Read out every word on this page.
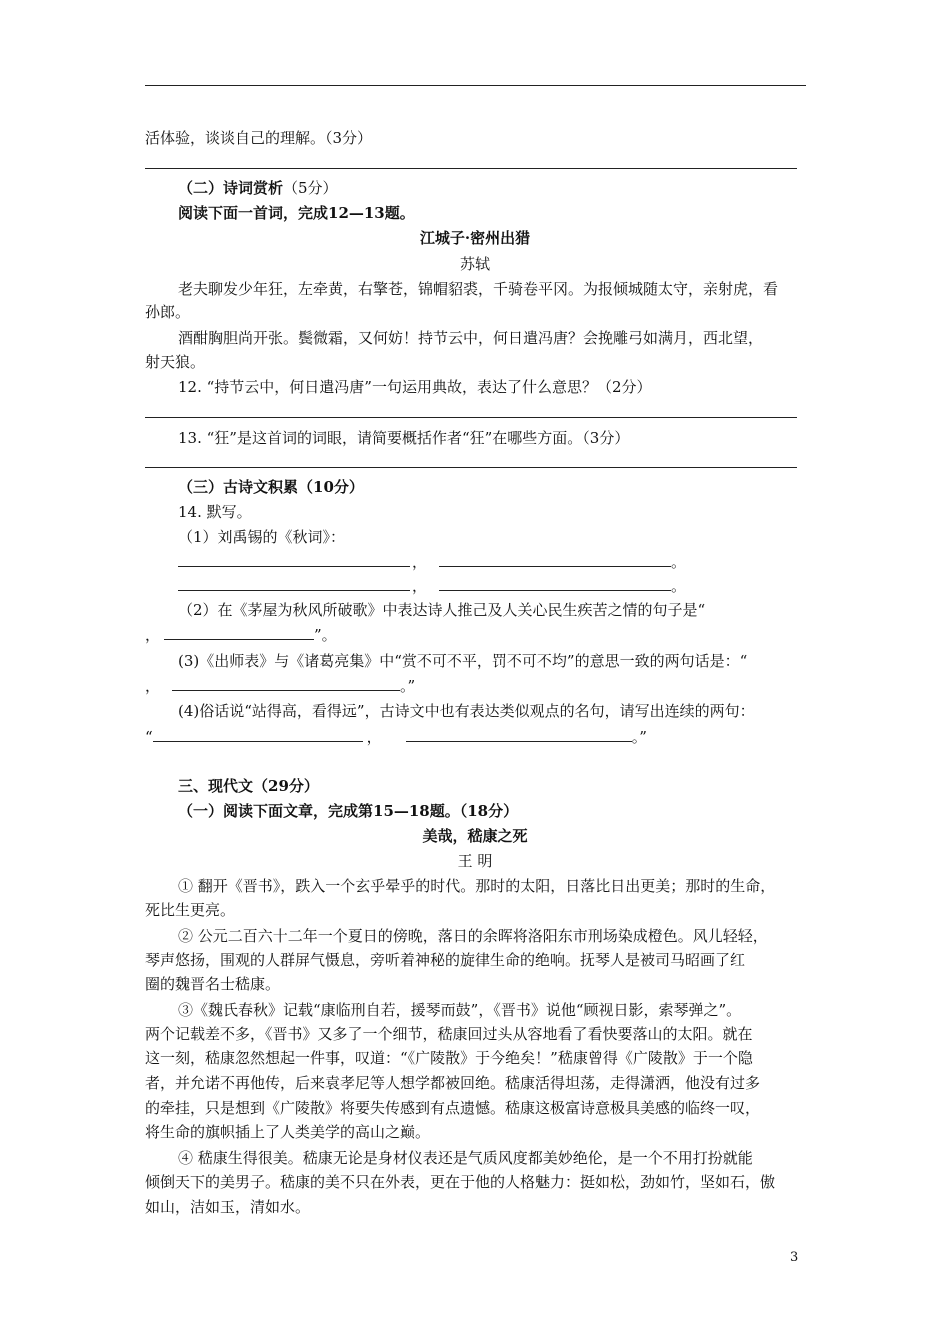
活体验，谈谈自己的理解。（3分）
（二）诗词赏析（5分）
阅读下面一首词，完成12—13题。
江城子·密州出猎
苏轼
老夫聊发少年狂，左牵黄，右擎苍，锦帽貂裘，千骑卷平冈。为报倾城随太守，亲射虎，看
孙郎。
酒酣胸胆尚开张。鬓微霜，又何妨！持节云中，何日遣冯唐？会挽雕弓如满月，西北望，
射天狼。
12. “持节云中，何日遣冯唐”一句运用典故，表达了什么意思？（2分）
13. “狂”是这首词的词眼，请简要概括作者“狂”在哪些方面。（3分）
（三）古诗文积累（10分）
14. 默写。
（1）刘禹锡的《秋词》：
，	。
，	。
（2）在《茅屋为秋风所破歌》中表达诗人推己及人关心民生疾苦之情的句子是“
，	”。
(3)《出师表》与《诸葛亮集》中“赏不可不平，罚不可不均”的意思一致的两句话是：“
，	。”
(4)俗话说“站得高，看得远”，古诗文中也有表达类似观点的名句，请写出连续的两句：
“	，	。”
三、现代文（29分）
（一）阅读下面文章，完成第15—18题。（18分）
美哉，嵇康之死
王 明
① 翻开《晋书》，跌入一个玄乎晕乎的时代。那时的太阳，日落比日出更美；那时的生命，
死比生更亮。
② 公元二百六十二年一个夏日的傍晚，落日的余晖将洛阳东市刑场染成橙色。风儿轻轻，
琴声悠扬，围观的人群屏气慑息，旁听着神秘的旋律生命的绝响。抚琴人是被司马昭画了红
圈的魏晋名士嵇康。
③《魏氏春秋》记载“康临刑自若，援琴而鼓”，《晋书》说他“顾视日影，索琴弹之”。
两个记载差不多，《晋书》又多了一个细节，嵇康回过头从容地看了看快要落山的太阳。就在
这一刻，嵇康忽然想起一件事，叹道：“《广陵散》于今绝矣！”嵇康曾得《广陵散》于一个隐
者，并允诺不再他传，后来袁孝尼等人想学都被回绝。嵇康活得坦荡，走得潇洒，他没有过多
的牵挂，只是想到《广陵散》将要失传感到有点遗憾。嵇康这极富诗意极具美感的临终一叹，
将生命的旗帜插上了人类美学的高山之巅。
④ 嵇康生得很美。嵇康无论是身材仪表还是气质风度都美妙绝伦，是一个不用打扮就能
倾倒天下的美男子。嵇康的美不只在外表，更在于他的人格魅力：挺如松，劲如竹，坚如石，傲
如山，洁如玉，清如水。
3
